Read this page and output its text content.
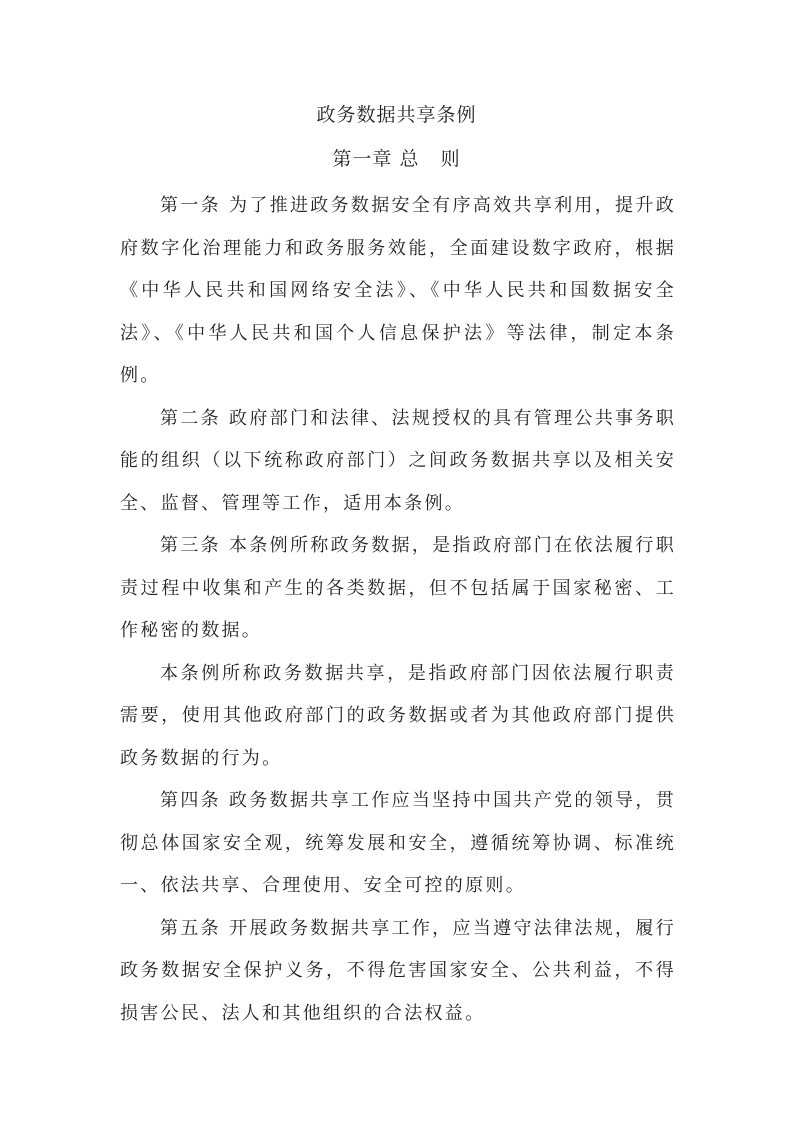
政务数据共享条例
第一章 总 则

第一条 为了推进政务数据安全有序高效共享利用，提升政府数字化治理能力和政务服务效能，全面建设数字政府，根据《中华人民共和国网络安全法》、《中华人民共和国数据安全法》、《中华人民共和国个人信息保护法》等法律，制定本条例。

第二条 政府部门和法律、法规授权的具有管理公共事务职能的组织（以下统称政府部门）之间政务数据共享以及相关安全、监督、管理等工作，适用本条例。

第三条 本条例所称政务数据，是指政府部门在依法履行职责过程中收集和产生的各类数据，但不包括属于国家秘密、工作秘密的数据。

本条例所称政务数据共享，是指政府部门因依法履行职责需要，使用其他政府部门的政务数据或者为其他政府部门提供政务数据的行为。

第四条 政务数据共享工作应当坚持中国共产党的领导，贯彻总体国家安全观，统筹发展和安全，遵循统筹协调、标准统一、依法共享、合理使用、安全可控的原则。

第五条 开展政务数据共享工作，应当遵守法律法规，履行政务数据安全保护义务，不得危害国家安全、公共利益，不得损害公民、法人和其他组织的合法权益。
